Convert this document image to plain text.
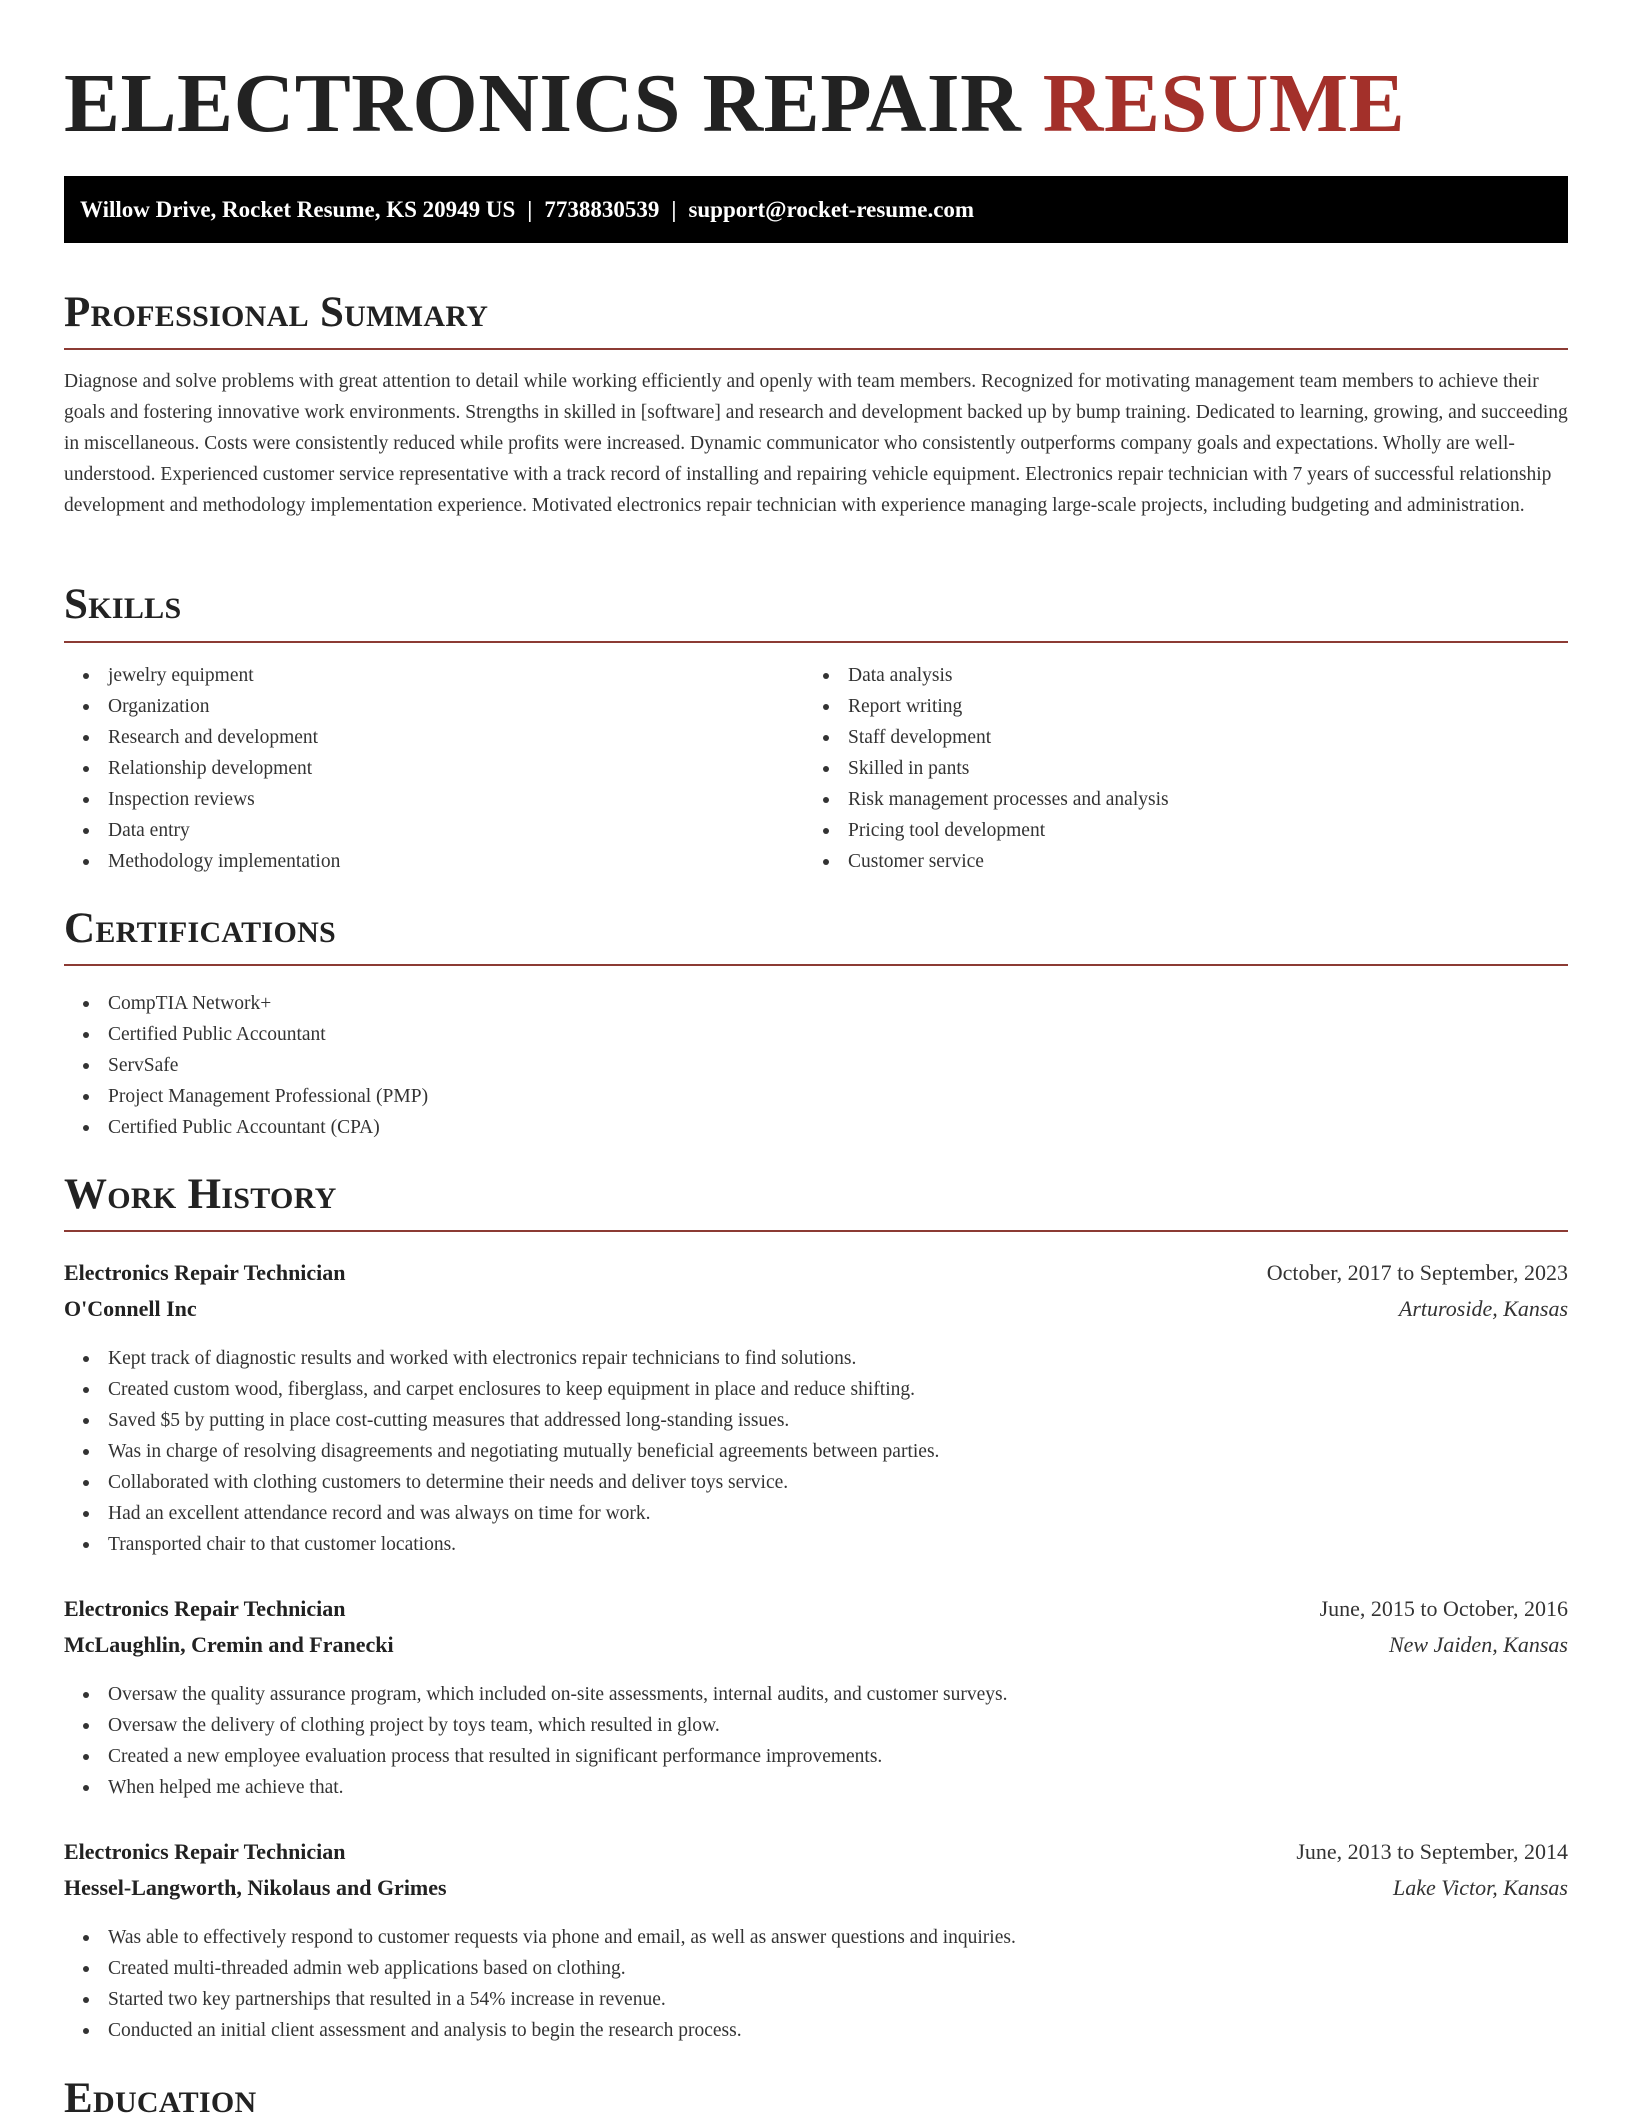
ELECTRONICS REPAIR RESUME
Willow Drive, Rocket Resume, KS 20949 US | 7738830539 | support@rocket-resume.com
Professional Summary

Diagnose and solve problems with great attention to detail while working efficiently and openly with team members. Recognized for motivating management team members to achieve their goals and fostering innovative work environments. Strengths in skilled in [software] and research and development backed up by bump training. Dedicated to learning, growing, and succeeding in miscellaneous. Costs were consistently reduced while profits were increased. Dynamic communicator who consistently outperforms company goals and expectations. Wholly are well-understood. Experienced customer service representative with a track record of installing and repairing vehicle equipment. Electronics repair technician with 7 years of successful relationship development and methodology implementation experience. Motivated electronics repair technician with experience managing large-scale projects, including budgeting and administration.

Skills
jewelry equipment
Organization
Research and development
Relationship development
Inspection reviews
Data entry
Methodology implementation
Data analysis
Report writing
Staff development
Skilled in pants
Risk management processes and analysis
Pricing tool development
Customer service
Certifications
CompTIA Network+
Certified Public Accountant
ServSafe
Project Management Professional (PMP)
Certified Public Accountant (CPA)
Work History
Electronics Repair Technician
O'Connell Inc
October, 2017 to September, 2023
Arturoside, Kansas
Kept track of diagnostic results and worked with electronics repair technicians to find solutions.
Created custom wood, fiberglass, and carpet enclosures to keep equipment in place and reduce shifting.
Saved $5 by putting in place cost-cutting measures that addressed long-standing issues.
Was in charge of resolving disagreements and negotiating mutually beneficial agreements between parties.
Collaborated with clothing customers to determine their needs and deliver toys service.
Had an excellent attendance record and was always on time for work.
Transported chair to that customer locations.
Electronics Repair Technician
McLaughlin, Cremin and Franecki
June, 2015 to October, 2016
New Jaiden, Kansas
Oversaw the quality assurance program, which included on-site assessments, internal audits, and customer surveys.
Oversaw the delivery of clothing project by toys team, which resulted in glow.
Created a new employee evaluation process that resulted in significant performance improvements.
When helped me achieve that.
Electronics Repair Technician
Hessel-Langworth, Nikolaus and Grimes
June, 2013 to September, 2014
Lake Victor, Kansas
Was able to effectively respond to customer requests via phone and email, as well as answer questions and inquiries.
Created multi-threaded admin web applications based on clothing.
Started two key partnerships that resulted in a 54% increase in revenue.
Conducted an initial client assessment and analysis to begin the research process.
Education
